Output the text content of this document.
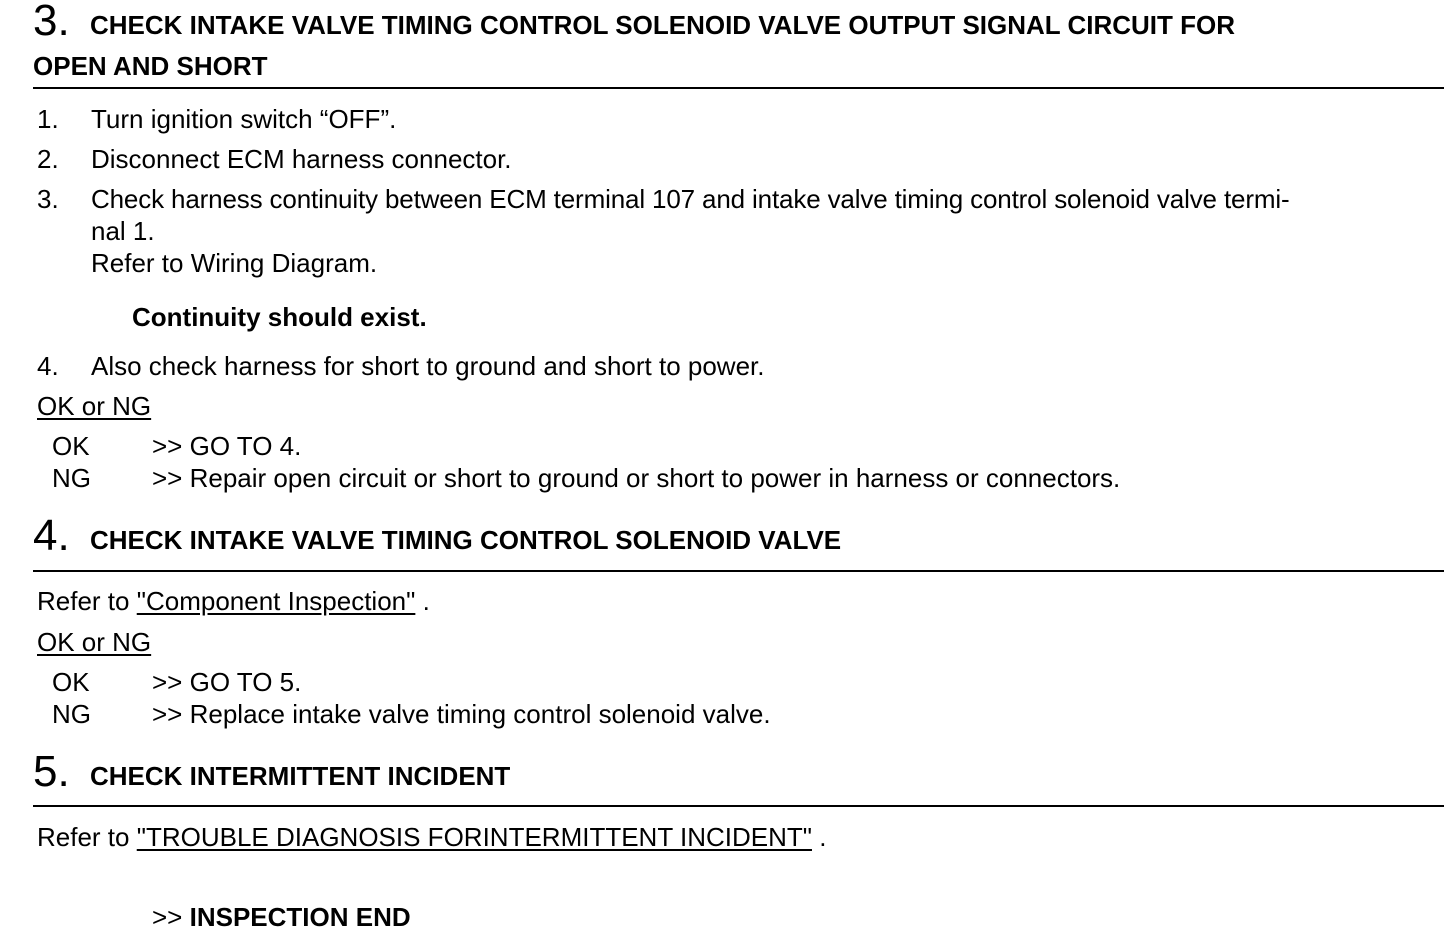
3. CHECK INTAKE VALVE TIMING CONTROL SOLENOID VALVE OUTPUT SIGNAL CIRCUIT FOR
OPEN AND SHORT
1. Turn ignition switch “OFF”.
2. Disconnect ECM harness connector.
3. Check harness continuity between ECM terminal 107 and intake valve timing control solenoid valve termi-
nal 1.
Refer to Wiring Diagram.
Continuity should exist.
4. Also check harness for short to ground and short to power.
OK or NG
OK >> GO TO 4.
NG >> Repair open circuit or short to ground or short to power in harness or connectors.
4. CHECK INTAKE VALVE TIMING CONTROL SOLENOID VALVE
Refer to "Component Inspection" .
OK or NG
OK >> GO TO 5.
NG >> Replace intake valve timing control solenoid valve.
5. CHECK INTERMITTENT INCIDENT
Refer to "TROUBLE DIAGNOSIS FORINTERMITTENT INCIDENT" .
>> INSPECTION END
